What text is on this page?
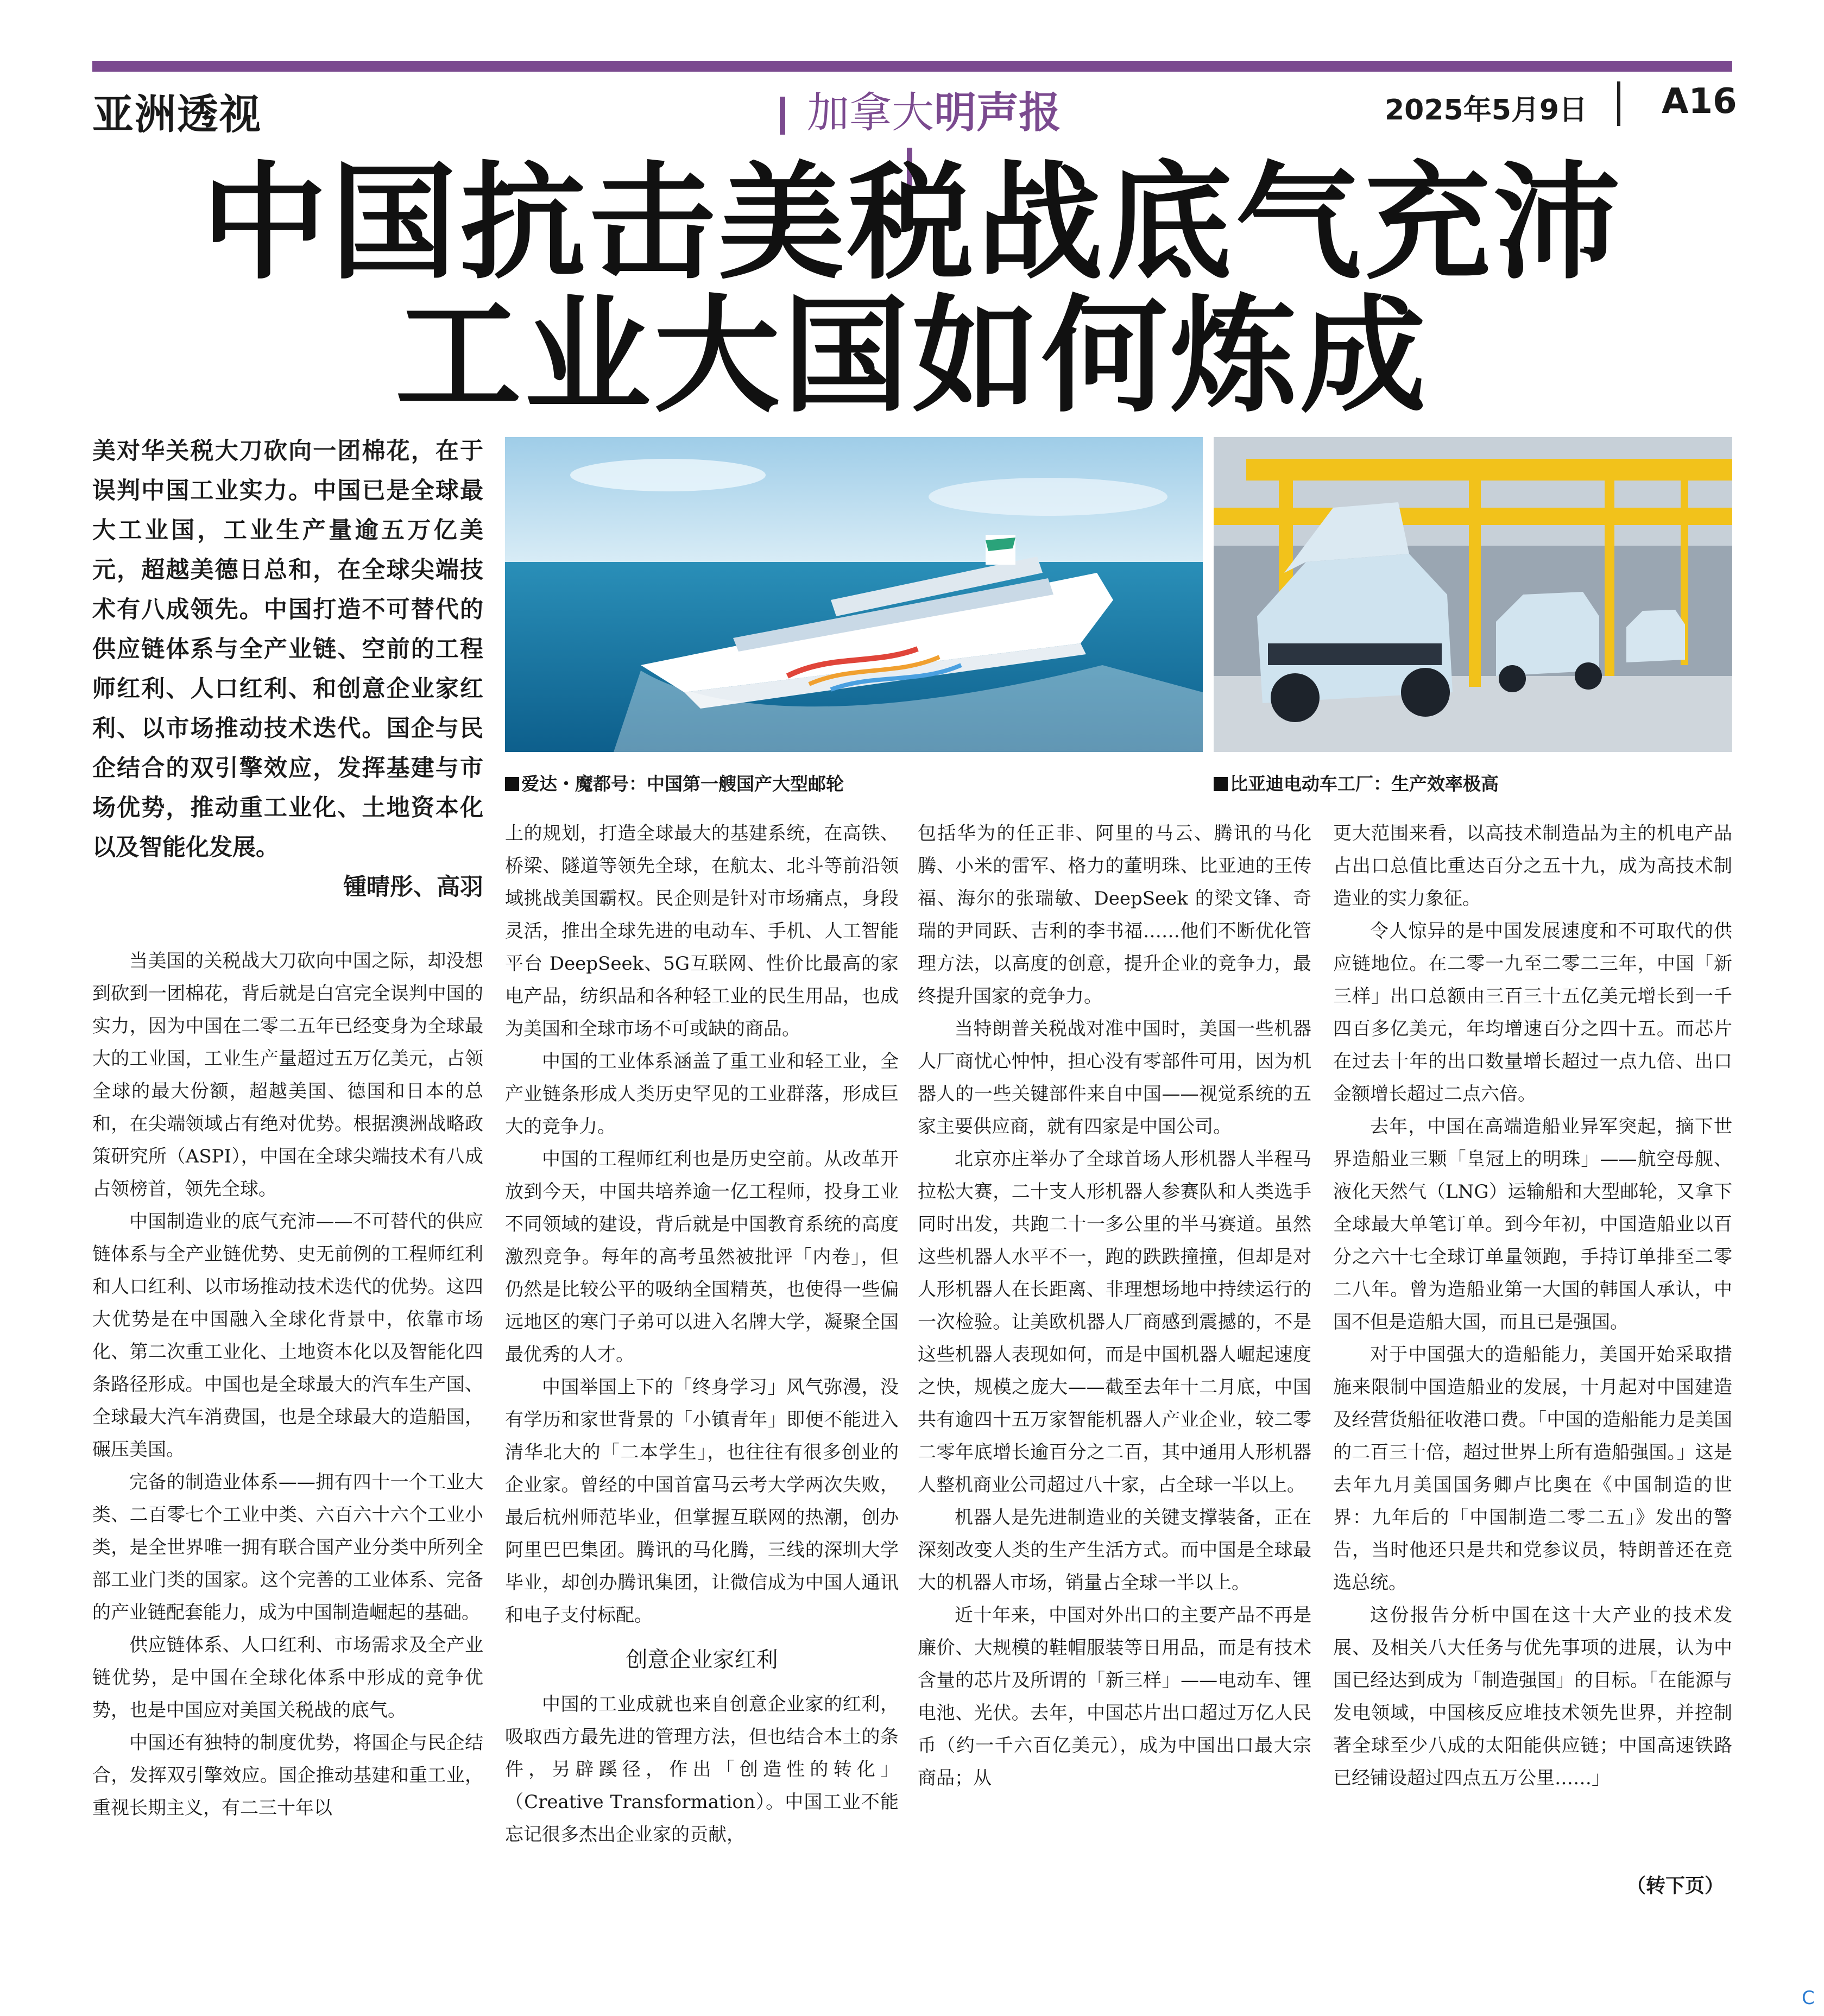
亚洲透视	加拿大明声报	2025年5月9日 A16
中国抗击美税战底气充沛
工业大国如何炼成
美对华关税大刀砍向一团棉花，在于误判中国工业实力。中国已是全球最大工业国，工业生产量逾五万亿美元，超越美德日总和，在全球尖端技术有八成领先。中国打造不可替代的供应链体系与全产业链、空前的工程师红利、人口红利、和创意企业家红利、以市场推动技术迭代。国企与民企结合的双引擎效应，发挥基建与市场优势，推动重工业化、土地资本化以及智能化发展。
锺晴彤、高羽
爱达・魔都号：中国第一艘国产大型邮轮	比亚迪电动车工厂：生产效率极高

当美国的关税战大刀砍向中国之际，却没想到砍到一团棉花，背后就是白宫完全误判中国的实力，因为中国在二零二五年已经变身为全球最大的工业国，工业生产量超过五万亿美元，占领全球的最大份额，超越美国、德国和日本的总和，在尖端领域占有绝对优势。根据澳洲战略政策研究所（ASPI），中国在全球尖端技术有八成占领榜首，领先全球。

中国制造业的底气充沛——不可替代的供应链体系与全产业链优势、史无前例的工程师红利和人口红利、以市场推动技术迭代的优势。这四大优势是在中国融入全球化背景中，依靠市场化、第二次重工业化、土地资本化以及智能化四条路径形成。中国也是全球最大的汽车生产国、全球最大汽车消费国，也是全球最大的造船国，碾压美国。

完备的制造业体系——拥有四十一个工业大类、二百零七个工业中类、六百六十六个工业小类，是全世界唯一拥有联合国产业分类中所列全部工业门类的国家。这个完善的工业体系、完备的产业链配套能力，成为中国制造崛起的基础。

供应链体系、人口红利、市场需求及全产业链优势，是中国在全球化体系中形成的竞争优势，也是中国应对美国关税战的底气。

中国还有独特的制度优势，将国企与民企结合，发挥双引擎效应。国企推动基建和重工业，重视长期主义，有二三十年以

上的规划，打造全球最大的基建系统，在高铁、桥梁、隧道等领先全球，在航太、北斗等前沿领域挑战美国霸权。民企则是针对市场痛点，身段灵活，推出全球先进的电动车、手机、人工智能平台 DeepSeek、5G互联网、性价比最高的家电产品，纺织品和各种轻工业的民生用品，也成为美国和全球市场不可或缺的商品。

中国的工业体系涵盖了重工业和轻工业，全产业链条形成人类历史罕见的工业群落，形成巨大的竞争力。

中国的工程师红利也是历史空前。从改革开放到今天，中国共培养逾一亿工程师，投身工业不同领域的建设，背后就是中国教育系统的高度激烈竞争。每年的高考虽然被批评「内卷」，但仍然是比较公平的吸纳全国精英，也使得一些偏远地区的寒门子弟可以进入名牌大学，凝聚全国最优秀的人才。

中国举国上下的「终身学习」风气弥漫，没有学历和家世背景的「小镇青年」即便不能进入清华北大的「二本学生」，也往往有很多创业的企业家。曾经的中国首富马云考大学两次失败，最后杭州师范毕业，但掌握互联网的热潮，创办阿里巴巴集团。腾讯的马化腾，三线的深圳大学毕业，却创办腾讯集团，让微信成为中国人通讯和电子支付标配。

创意企业家红利

中国的工业成就也来自创意企业家的红利，吸取西方最先进的管理方法，但也结合本土的条件，另辟蹊径，作出「创造性的转化」（Creative Transformation）。中国工业不能忘记很多杰出企业家的贡献，

包括华为的任正非、阿里的马云、腾讯的马化腾、小米的雷军、格力的董明珠、比亚迪的王传福、海尔的张瑞敏、DeepSeek 的梁文锋、奇瑞的尹同跃、吉利的李书福……他们不断优化管理方法，以高度的创意，提升企业的竞争力，最终提升国家的竞争力。

当特朗普关税战对准中国时，美国一些机器人厂商忧心忡忡，担心没有零部件可用，因为机器人的一些关键部件来自中国——视觉系统的五家主要供应商，就有四家是中国公司。

北京亦庄举办了全球首场人形机器人半程马拉松大赛，二十支人形机器人参赛队和人类选手同时出发，共跑二十一多公里的半马赛道。虽然这些机器人水平不一，跑的跌跌撞撞，但却是对人形机器人在长距离、非理想场地中持续运行的一次检验。让美欧机器人厂商感到震撼的，不是这些机器人表现如何，而是中国机器人崛起速度之快，规模之庞大——截至去年十二月底，中国共有逾四十五万家智能机器人产业企业，较二零二零年底增长逾百分之二百，其中通用人形机器人整机商业公司超过八十家，占全球一半以上。

机器人是先进制造业的关键支撑装备，正在深刻改变人类的生产生活方式。而中国是全球最大的机器人市场，销量占全球一半以上。

近十年来，中国对外出口的主要产品不再是廉价、大规模的鞋帽服装等日用品，而是有技术含量的芯片及所谓的「新三样」——电动车、锂电池、光伏。去年，中国芯片出口超过万亿人民币（约一千六百亿美元），成为中国出口最大宗商品；从

更大范围来看，以高技术制造品为主的机电产品占出口总值比重达百分之五十九，成为高技术制造业的实力象征。

令人惊异的是中国发展速度和不可取代的供应链地位。在二零一九至二零二三年，中国「新三样」出口总额由三百三十五亿美元增长到一千四百多亿美元，年均增速百分之四十五。而芯片在过去十年的出口数量增长超过一点九倍、出口金额增长超过二点六倍。

去年，中国在高端造船业异军突起，摘下世界造船业三颗「皇冠上的明珠」——航空母舰、液化天然气（LNG）运输船和大型邮轮，又拿下全球最大单笔订单。到今年初，中国造船业以百分之六十七全球订单量领跑，手持订单排至二零二八年。曾为造船业第一大国的韩国人承认，中国不但是造船大国，而且已是强国。

对于中国强大的造船能力，美国开始采取措施来限制中国造船业的发展，十月起对中国建造及经营货船征收港口费。「中国的造船能力是美国的二百三十倍，超过世界上所有造船强国。」这是去年九月美国国务卿卢比奥在《中国制造的世界：九年后的「中国制造二零二五」》发出的警告，当时他还只是共和党参议员，特朗普还在竞选总统。

这份报告分析中国在这十大产业的技术发展、及相关八大任务与优先事项的进展，认为中国已经达到成为「制造强国」的目标。「在能源与发电领域，中国核反应堆技术领先世界，并控制著全球至少八成的太阳能供应链；中国高速铁路已经铺设超过四点五万公里……」

（转下页）
C
